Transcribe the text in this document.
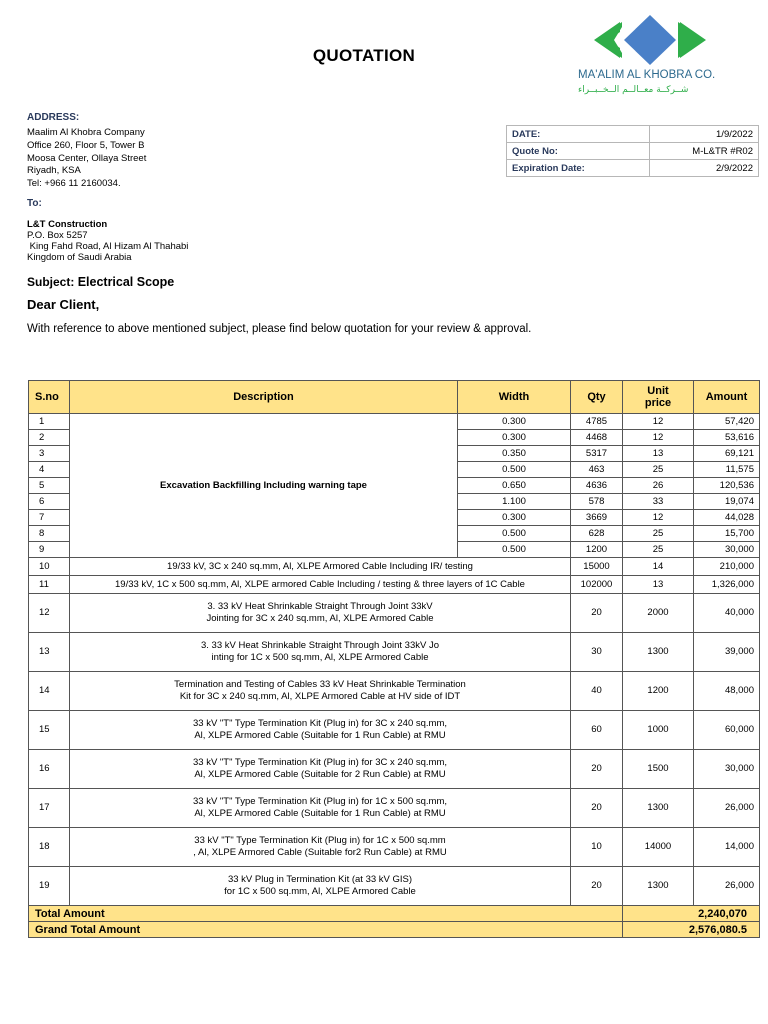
QUOTATION
MA'ALIM AL KHOBRA CO.
شــركــة معــالــم الــخــبــراء
ADDRESS:
Maalim Al Khobra Company
Office 260, Floor 5, Tower B
Moosa Center, Ollaya Street
Riyadh, KSA
Tel: +966 11 2160034.
DATE:	1/9/2022
Quote No:	M-L&TR #R02
Expiration Date:	2/9/2022
To:
L&T Construction
P.O. Box 5257
King Fahd Road, Al Hizam Al Thahabi
Kingdom of Saudi Arabia
Subject: Electrical Scope
Dear Client,
With reference to above mentioned subject, please find below quotation for your review & approval.
S.no	Description	Width	Qty	Unit
price	Amount
1	Excavation Backfilling Including warning tape	0.300	4785	12	57,420
2		0.300	4468	12	53,616
3		0.350	5317	13	69,121
4		0.500	463	25	11,575
5		0.650	4636	26	120,536
6		1.100	578	33	19,074
7		0.300	3669	12	44,028
8		0.500	628	25	15,700
9		0.500	1200	25	30,000
10	19/33 kV, 3C x 240 sq.mm, Al, XLPE Armored Cable Including IR/ testing		15000	14	210,000
11	19/33 kV, 1C x 500 sq.mm, Al, XLPE armored Cable Including / testing & three layers of 1C Cable		102000	13	1,326,000
12	3. 33 kV Heat Shrinkable Straight Through Joint 33kV
Jointing for 3C x 240 sq.mm, Al, XLPE Armored Cable		20	2000	40,000
13	3. 33 kV Heat Shrinkable Straight Through Joint 33kV Jo
inting for 1C x 500 sq.mm, Al, XLPE Armored Cable		30	1300	39,000
14	Termination and Testing of Cables 33 kV Heat Shrinkable Termination
Kit for 3C x 240 sq.mm, Al, XLPE Armored Cable at HV side of IDT		40	1200	48,000
15	33 kV "T" Type Termination Kit (Plug in) for 3C x 240 sq.mm,
Al, XLPE Armored Cable (Suitable for 1 Run Cable) at RMU		60	1000	60,000
16	33 kV "T" Type Termination Kit (Plug in) for 3C x 240 sq.mm,
Al, XLPE Armored Cable (Suitable for 2 Run Cable) at RMU		20	1500	30,000
17	33 kV "T" Type Termination Kit (Plug in) for 1C x 500 sq.mm,
Al, XLPE Armored Cable (Suitable for 1 Run Cable) at RMU		20	1300	26,000
18	33 kV "T" Type Termination Kit (Plug in) for 1C x 500 sq.mm
, Al, XLPE Armored Cable (Suitable for2 Run Cable) at RMU		10	14000	14,000
19	33 kV Plug in Termination Kit (at 33 kV GIS)
for 1C x 500 sq.mm, Al, XLPE Armored Cable		20	1300	26,000
Total Amount				2,240,070	
Grand Total Amount				2,576,080.5	
